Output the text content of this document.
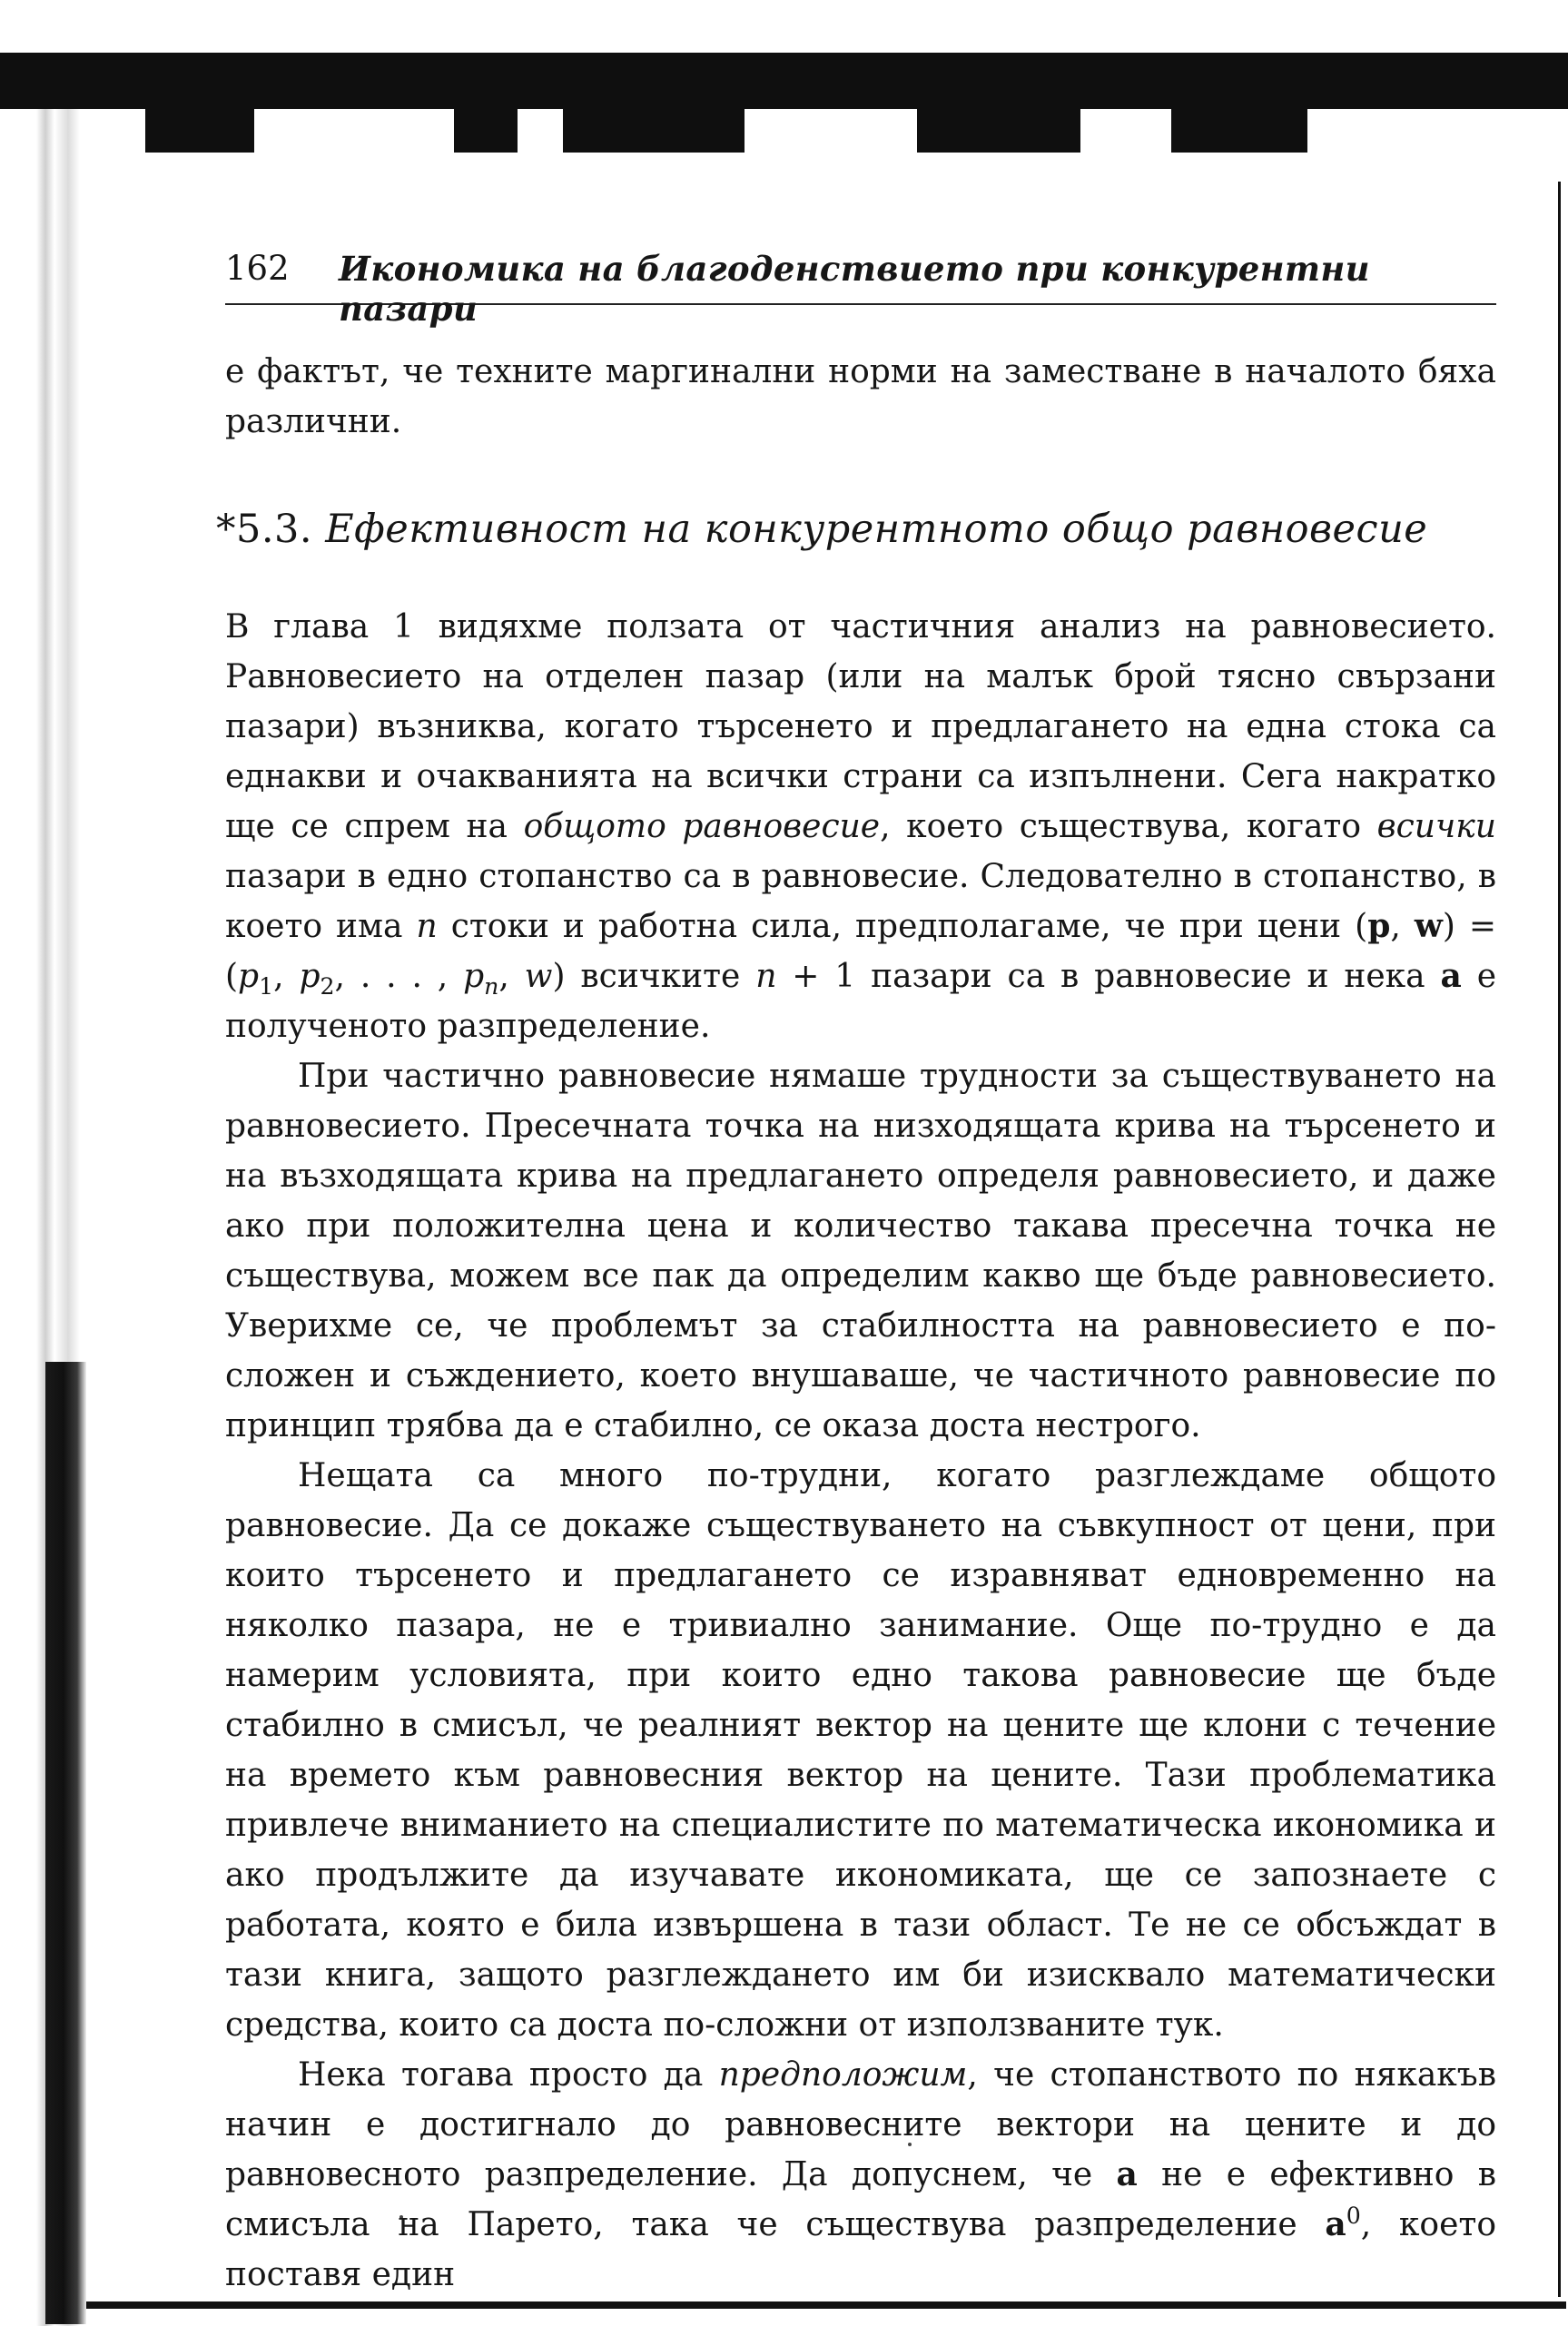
162 Икономика на благоденствието при конкурентни пазари

е фактът, че техните маргинални норми на заместване в началото бяха различни.

*5.3. Ефективност на конкурентното общо равновесие

В глава 1 видяхме ползата от частичния анализ на равновесието. Равновесието на отделен пазар (или на малък брой тясно свързани пазари) възниква, когато търсенето и предлагането на една стока са еднакви и очакванията на всички страни са изпълнени. Сега накратко ще се спрем на общото равновесие, което съществува, когато всички пазари в едно стопанство са в равновесие. Следователно в стопанство, в което има n стоки и работна сила, предполагаме, че при цени (p, $w) = (p_1$, $p_2$, . . . , $p_n$, w) всичките n + 1 пазари са в равновесие и нека a е полученото разпределение.

При частично равновесие нямаше трудности за съществуването на равновесието. Пресечната точка на низходящата крива на търсенето и на възходящата крива на предлагането определя равновесието, и даже ако при положителна цена и количество такава пресечна точка не съществува, можем все пак да определим какво ще бъде равновесието. Уверихме се, че проблемът за стабилността на равновесието е по-сложен и съждението, което внушаваше, че частичното равновесие по принцип трябва да е стабилно, се оказа доста нестрого.

Нещата са много по-трудни, когато разглеждаме общото равновесие. Да се докаже съществуването на съвкупност от цени, при които търсенето и предлагането се изравняват едновременно на няколко пазара, не е тривиално занимание. Още по-трудно е да намерим условията, при които едно такова равновесие ще бъде стабилно в смисъл, че реалният вектор на цените ще клони с течение на времето към равновесния вектор на цените. Тази проблематика привлече вниманието на специалистите по математическа икономика и ако продължите да изучавате икономиката, ще се запознаете с работата, която е била извършена в тази област. Те не се обсъждат в тази книга, защото разглеждането им би изисквало математически средства, които са доста по-сложни от използваните тук.

Нека тогава просто да предположим, че стопанството по някакъв начин е достигнало до равновесните вектори на цените и до равновесното разпределение. Да допуснем, че a не е ефективно в смисъла на Парето, така че съществува разпределение $a^0$, което поставя един
